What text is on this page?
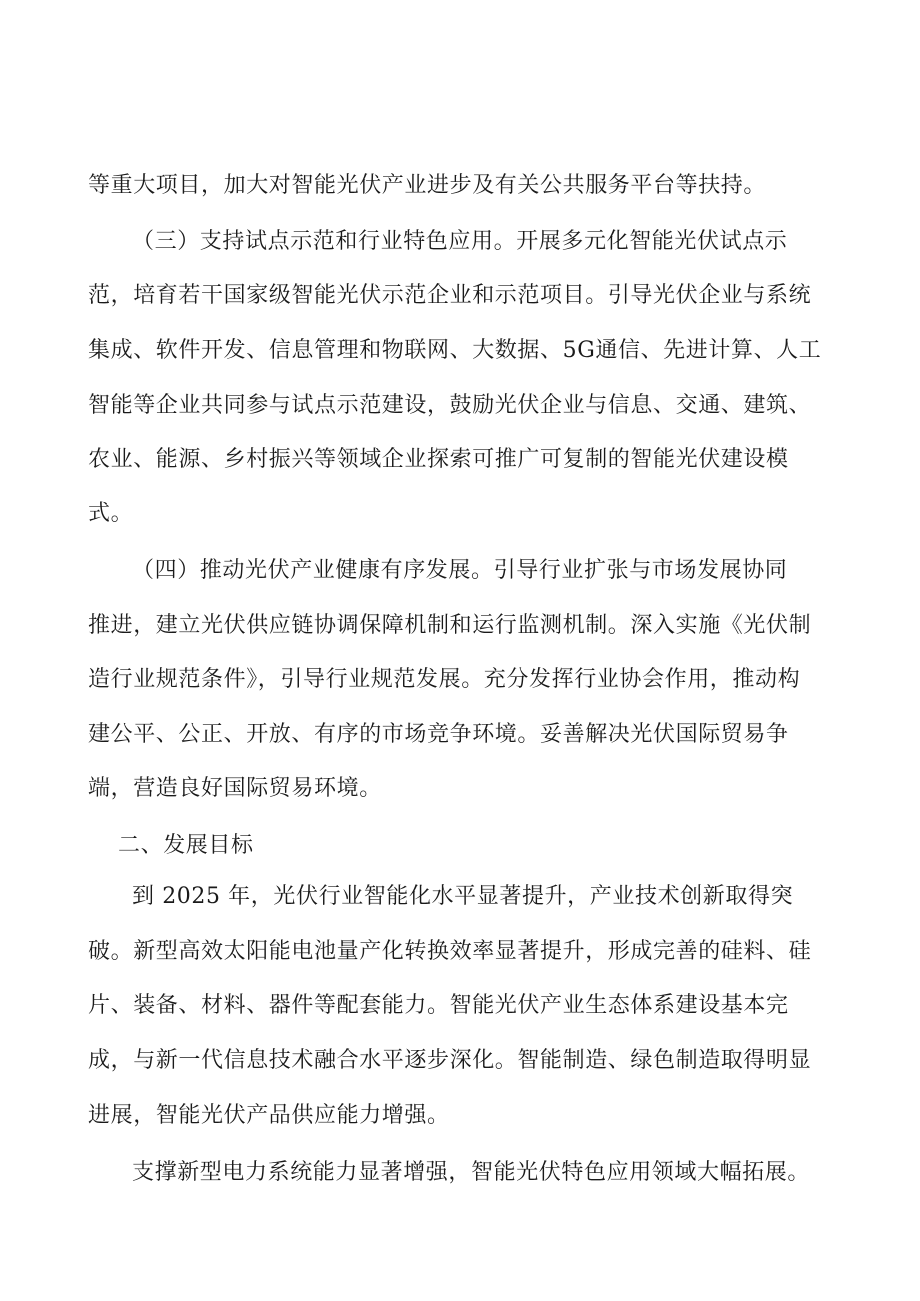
等重大项目，加大对智能光伏产业进步及有关公共服务平台等扶持。
（三）支持试点示范和行业特色应用。开展多元化智能光伏试点示
范，培育若干国家级智能光伏示范企业和示范项目。引导光伏企业与系统
集成、软件开发、信息管理和物联网、大数据、5G通信、先进计算、人工
智能等企业共同参与试点示范建设，鼓励光伏企业与信息、交通、建筑、
农业、能源、乡村振兴等领域企业探索可推广可复制的智能光伏建设模
式。
（四）推动光伏产业健康有序发展。引导行业扩张与市场发展协同
推进，建立光伏供应链协调保障机制和运行监测机制。深入实施《光伏制
造行业规范条件》，引导行业规范发展。充分发挥行业协会作用，推动构
建公平、公正、开放、有序的市场竞争环境。妥善解决光伏国际贸易争
端，营造良好国际贸易环境。
二、发展目标
到 2025 年，光伏行业智能化水平显著提升，产业技术创新取得突
破。新型高效太阳能电池量产化转换效率显著提升，形成完善的硅料、硅
片、装备、材料、器件等配套能力。智能光伏产业生态体系建设基本完
成，与新一代信息技术融合水平逐步深化。智能制造、绿色制造取得明显
进展，智能光伏产品供应能力增强。
支撑新型电力系统能力显著增强，智能光伏特色应用领域大幅拓展。
